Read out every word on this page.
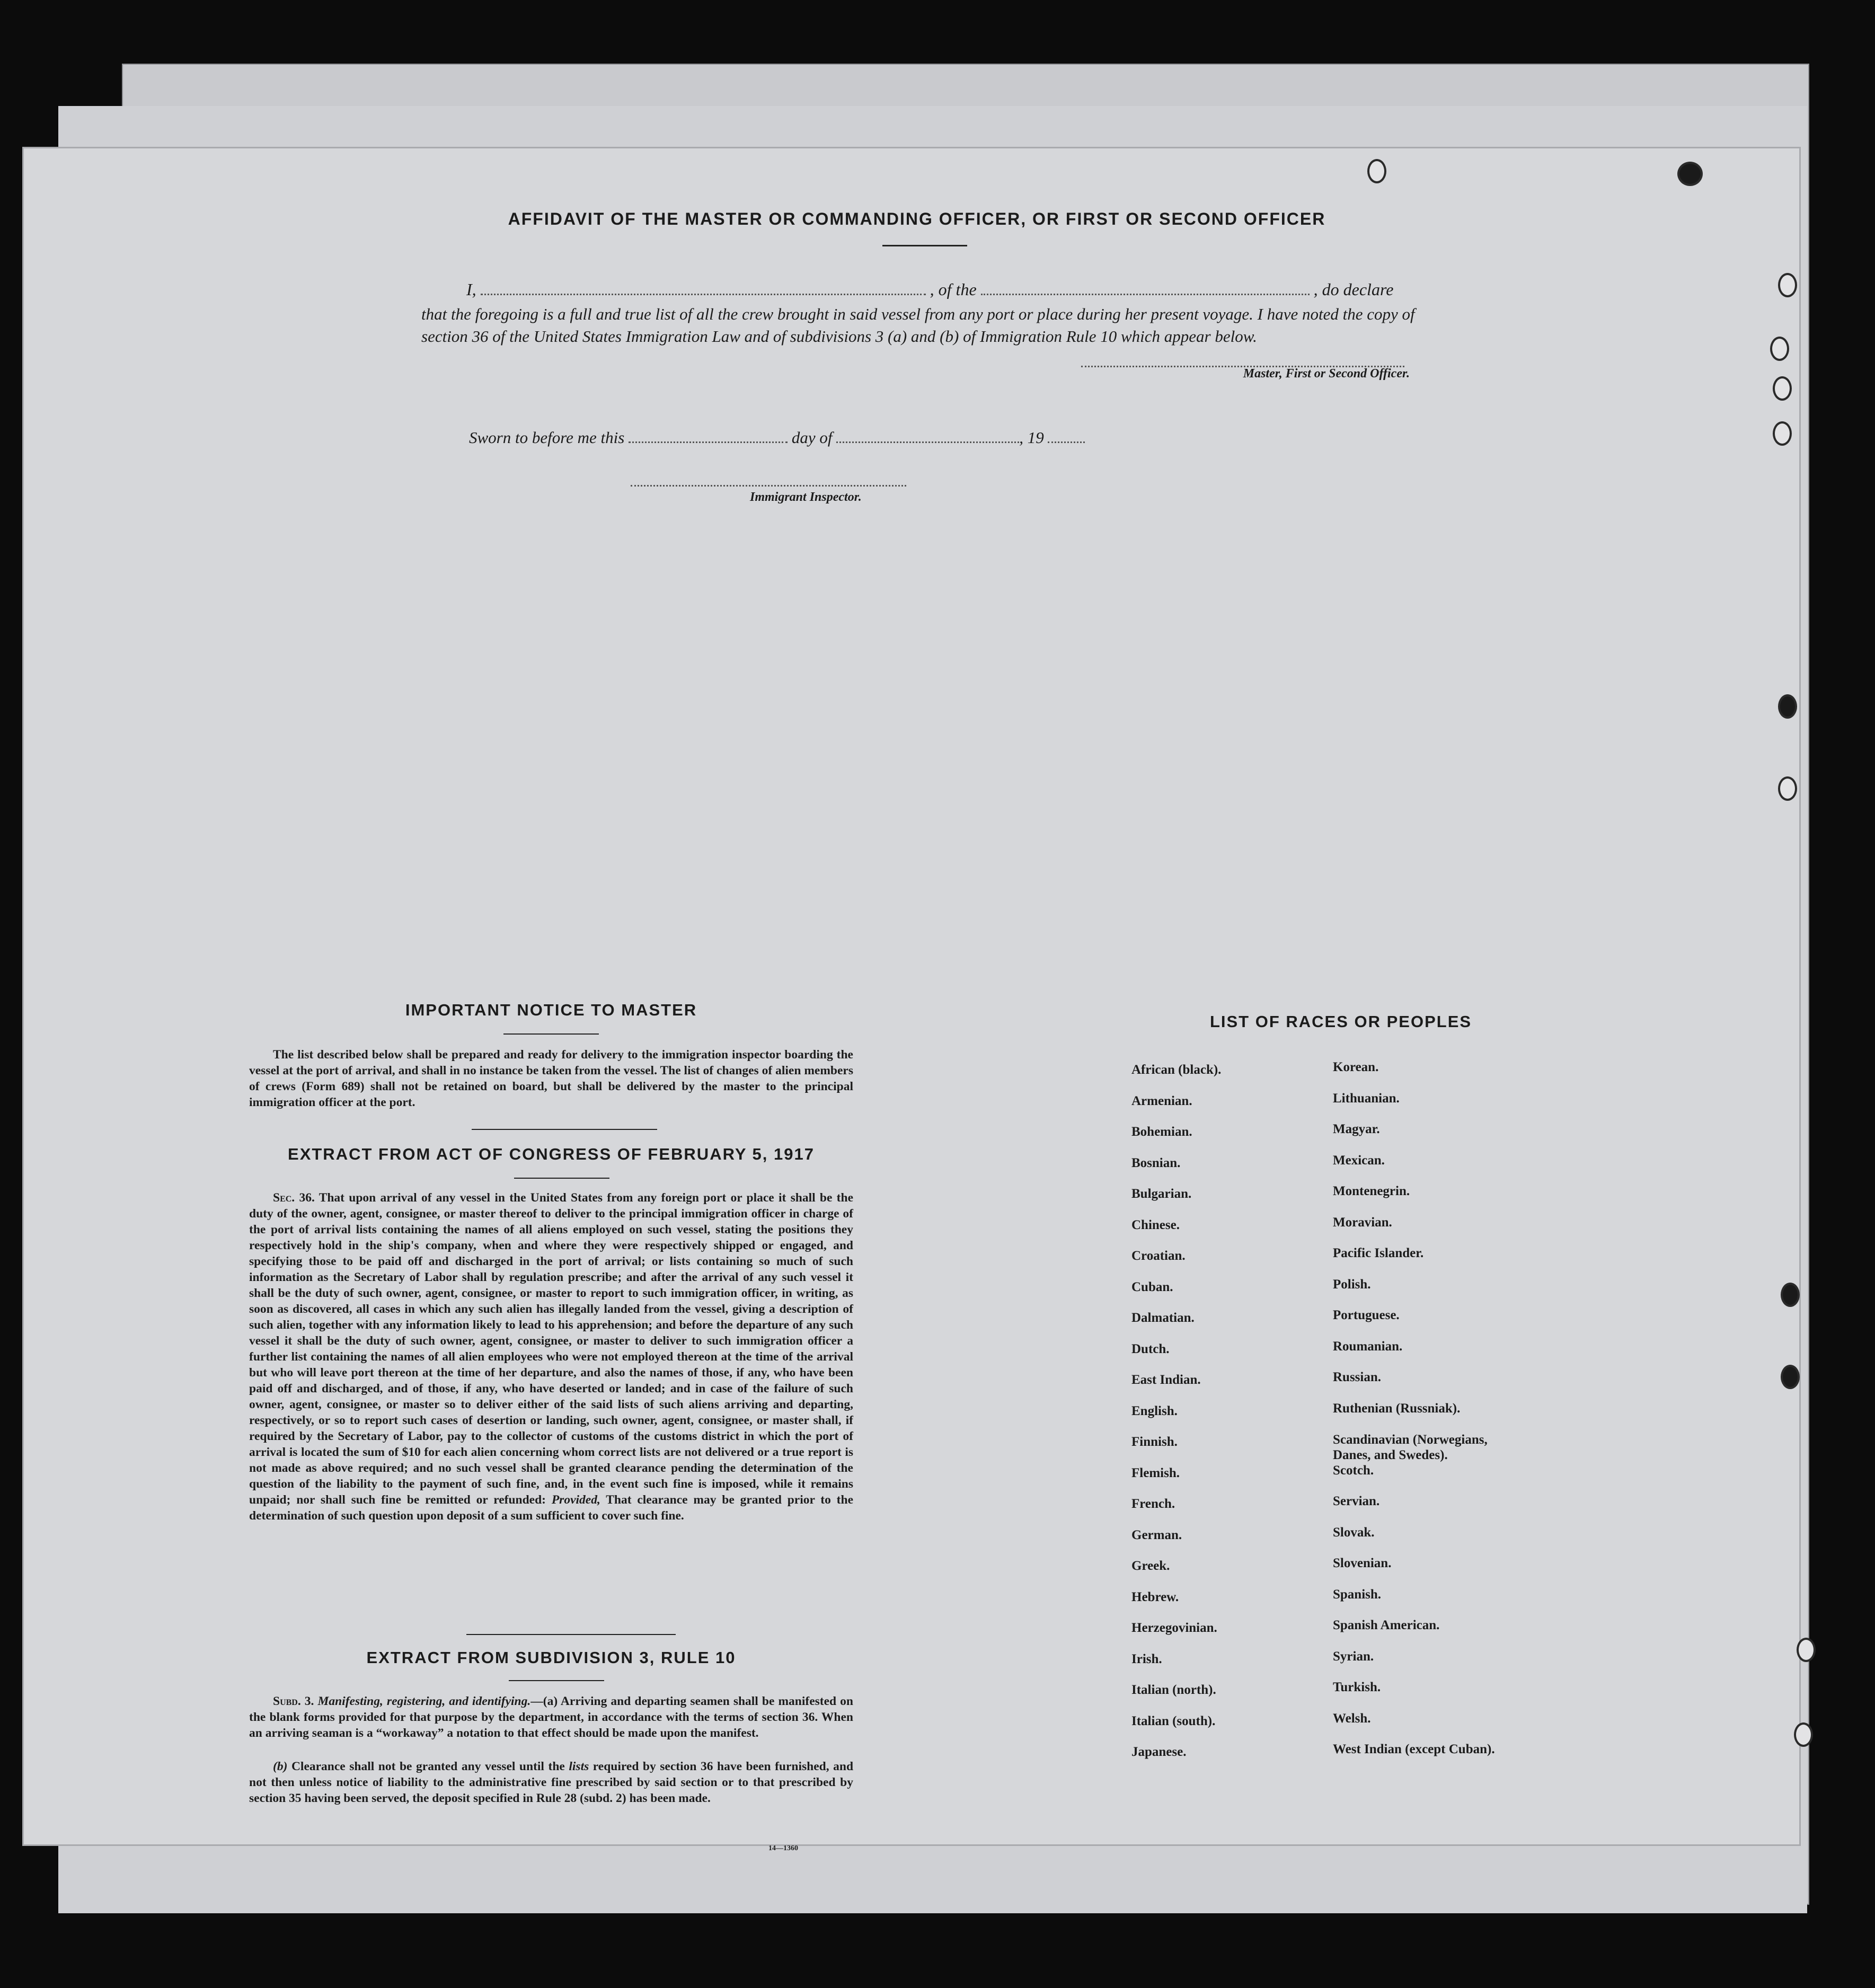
AFFIDAVIT OF THE MASTER OR COMMANDING OFFICER, OR FIRST OR SECOND OFFICER
I,	, of the	, do declare
that the foregoing is a full and true list of all the crew brought in said vessel from any port or place during her present voyage. I have noted the copy of section 36 of the United States Immigration Law and of subdivisions 3 (a) and (b) of Immigration Rule 10 which appear below.
Master, First or Second Officer.
Sworn to before me this	day of	, 19
Immigrant Inspector.
IMPORTANT NOTICE TO MASTER
The list described below shall be prepared and ready for delivery to the immigration inspector boarding the vessel at the port of arrival, and shall in no instance be taken from the vessel. The list of changes of alien members of crews (Form 689) shall not be retained on board, but shall be delivered by the master to the principal immigration officer at the port.
EXTRACT FROM ACT OF CONGRESS OF FEBRUARY 5, 1917
Sec. 36. That upon arrival of any vessel in the United States from any foreign port or place it shall be the duty of the owner, agent, consignee, or master thereof to deliver to the principal immigration officer in charge of the port of arrival lists containing the names of all aliens employed on such vessel, stating the positions they respectively hold in the ship's company, when and where they were respectively shipped or engaged, and specifying those to be paid off and discharged in the port of arrival; or lists containing so much of such information as the Secretary of Labor shall by regulation prescribe; and after the arrival of any such vessel it shall be the duty of such owner, agent, consignee, or master to report to such immigration officer, in writing, as soon as discovered, all cases in which any such alien has illegally landed from the vessel, giving a description of such alien, together with any information likely to lead to his apprehension; and before the departure of any such vessel it shall be the duty of such owner, agent, consignee, or master to deliver to such immigration officer a further list containing the names of all alien employees who were not employed thereon at the time of the arrival but who will leave port thereon at the time of her departure, and also the names of those, if any, who have been paid off and discharged, and of those, if any, who have deserted or landed; and in case of the failure of such owner, agent, consignee, or master so to deliver either of the said lists of such aliens arriving and departing, respectively, or so to report such cases of desertion or landing, such owner, agent, consignee, or master shall, if required by the Secretary of Labor, pay to the collector of customs of the customs district in which the port of arrival is located the sum of $10 for each alien concerning whom correct lists are not delivered or a true report is not made as above required; and no such vessel shall be granted clearance pending the determination of the question of the liability to the payment of such fine, and, in the event such fine is imposed, while it remains unpaid; nor shall such fine be remitted or refunded: Provided, That clearance may be granted prior to the determination of such question upon deposit of a sum sufficient to cover such fine.
EXTRACT FROM SUBDIVISION 3, RULE 10
Subd. 3. Manifesting, registering, and identifying.—(a) Arriving and departing seamen shall be manifested on the blank forms provided for that purpose by the department, in accordance with the terms of section 36. When an arriving seaman is a “workaway” a notation to that effect should be made upon the manifest.
(b) Clearance shall not be granted any vessel until the lists required by section 36 have been furnished, and not then unless notice of liability to the administrative fine prescribed by said section or to that prescribed by section 35 having been served, the deposit specified in Rule 28 (subd. 2) has been made.
14—1360
LIST OF RACES OR PEOPLES
African (black).
Armenian.
Bohemian.
Bosnian.
Bulgarian.
Chinese.
Croatian.
Cuban.
Dalmatian.
Dutch.
East Indian.
English.
Finnish.
Flemish.
French.
German.
Greek.
Hebrew.
Herzegovinian.
Irish.
Italian (north).
Italian (south).
Japanese.
Korean.
Lithuanian.
Magyar.
Mexican.
Montenegrin.
Moravian.
Pacific Islander.
Polish.
Portuguese.
Roumanian.
Russian.
Ruthenian (Russniak).
Scandinavian (Norwegians, Danes, and Swedes).
Scotch.
Servian.
Slovak.
Slovenian.
Spanish.
Spanish American.
Syrian.
Turkish.
Welsh.
West Indian (except Cuban).
